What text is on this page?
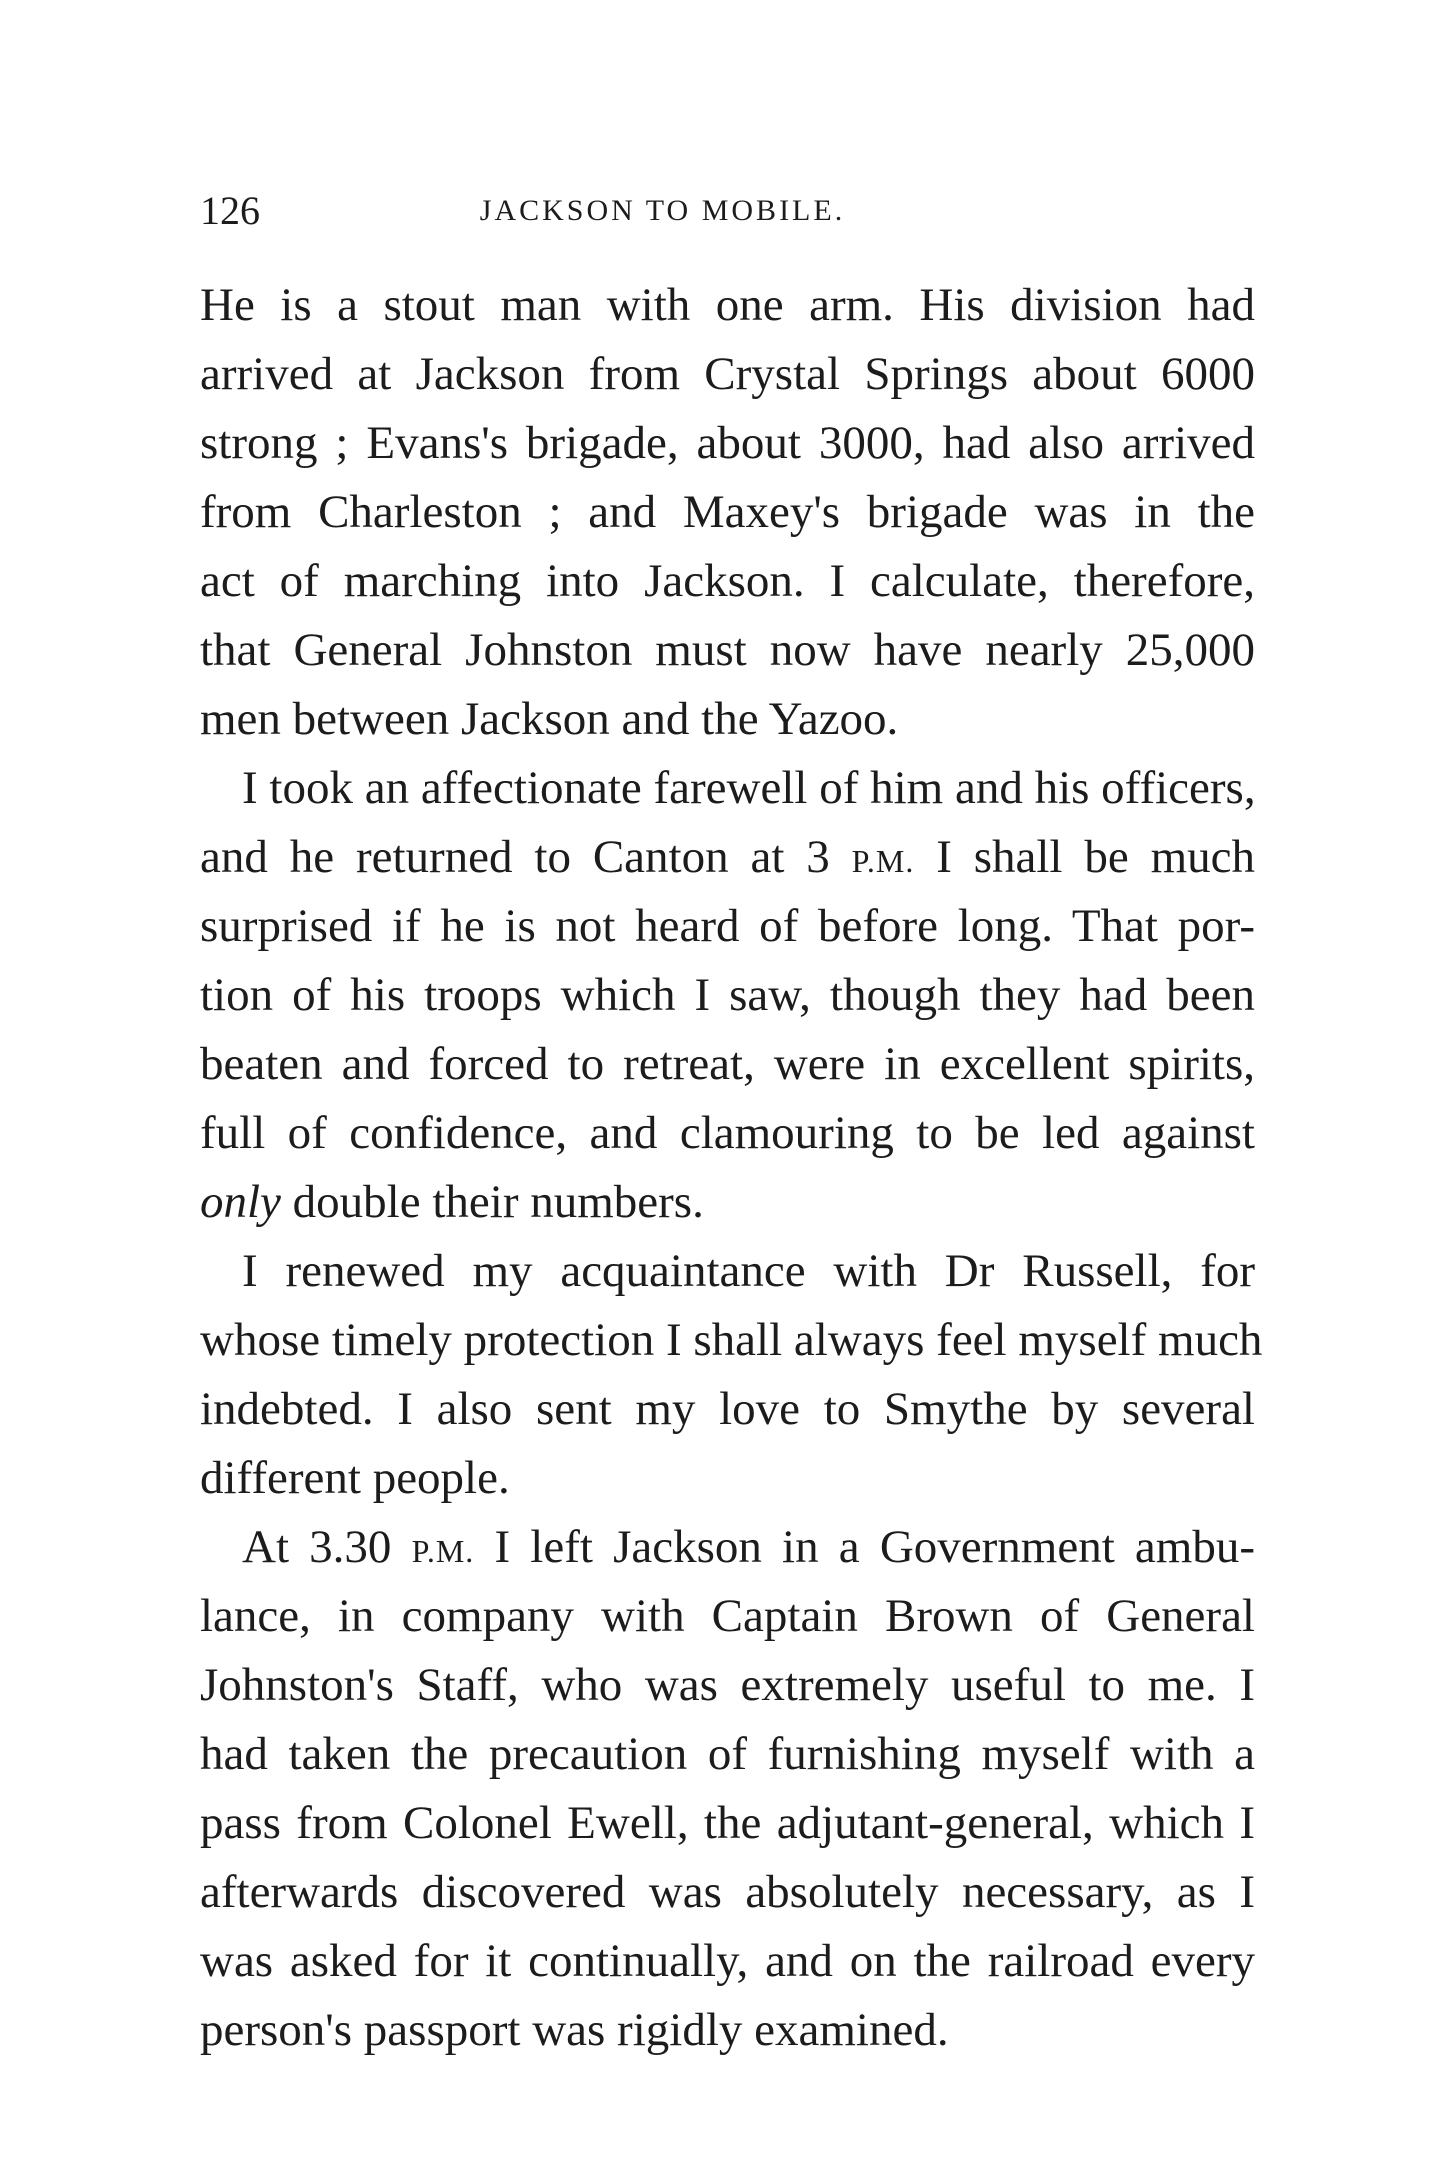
126	JACKSON TO MOBILE.
He is a stout man with one arm. His division had
arrived at Jackson from Crystal Springs about 6000
strong ; Evans's brigade, about 3000, had also arrived
from Charleston ; and Maxey's brigade was in the
act of marching into Jackson. I calculate, therefore,
that General Johnston must now have nearly 25,000
men between Jackson and the Yazoo.
I took an affectionate farewell of him and his officers,
and he returned to Canton at 3 P.M. I shall be much
surprised if he is not heard of before long. That por-
tion of his troops which I saw, though they had been
beaten and forced to retreat, were in excellent spirits,
full of confidence, and clamouring to be led against
only double their numbers.
I renewed my acquaintance with Dr Russell, for
whose timely protection I shall always feel myself much
indebted. I also sent my love to Smythe by several
different people.
At 3.30 P.M. I left Jackson in a Government ambu-
lance, in company with Captain Brown of General
Johnston's Staff, who was extremely useful to me. I
had taken the precaution of furnishing myself with a
pass from Colonel Ewell, the adjutant-general, which I
afterwards discovered was absolutely necessary, as I
was asked for it continually, and on the railroad every
person's passport was rigidly examined.
